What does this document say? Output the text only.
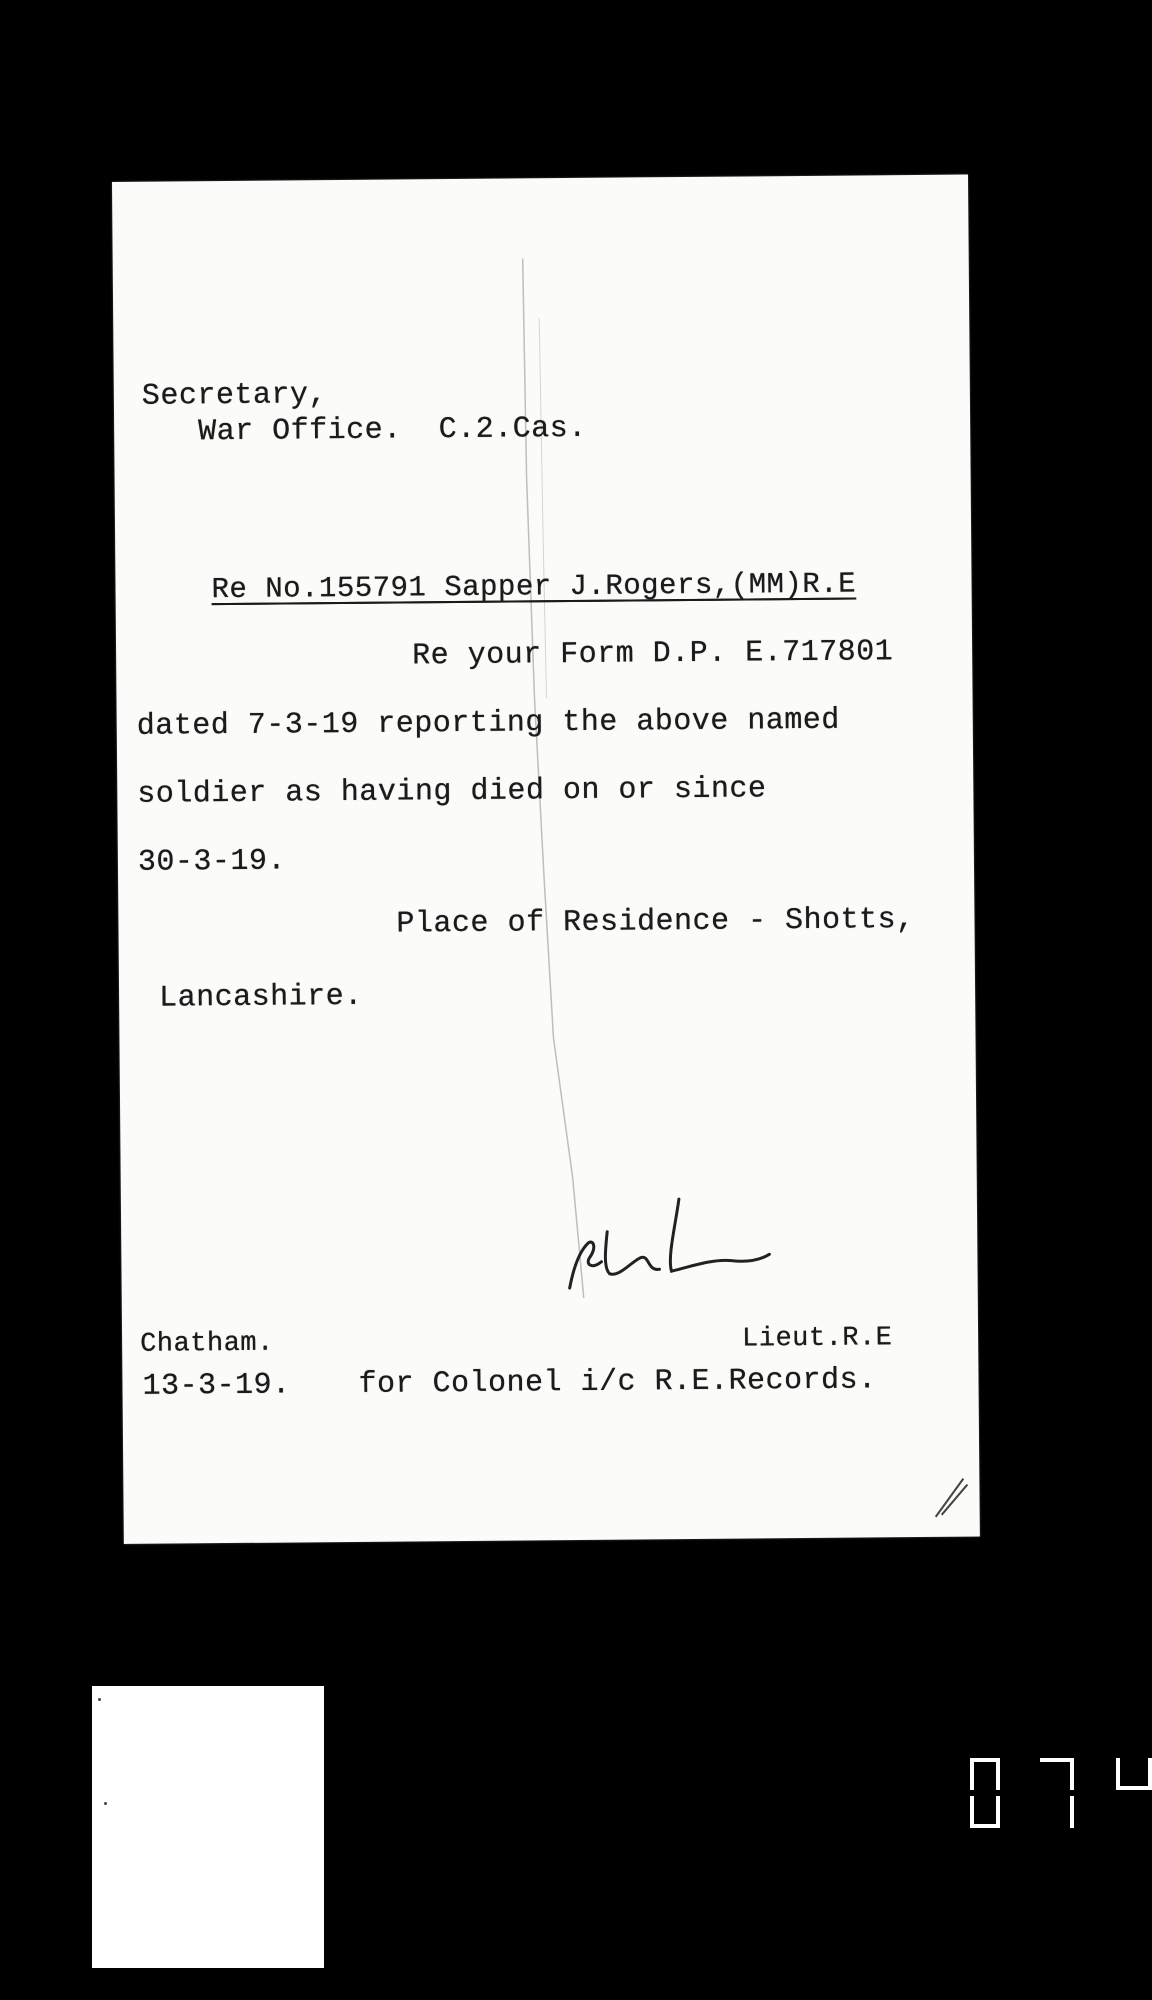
Secretary,
War Office.  C.2.Cas.
Re No.155791 Sapper J.Rogers,(MM)R.E
Re your Form D.P. E.717801
dated 7-3-19 reporting the above named
soldier as having died on or since
30-3-19.
Place of Residence - Shotts,
Lancashire.
Chatham.	Lieut.R.E
13-3-19. for Colonel i/c R.E.Records.
